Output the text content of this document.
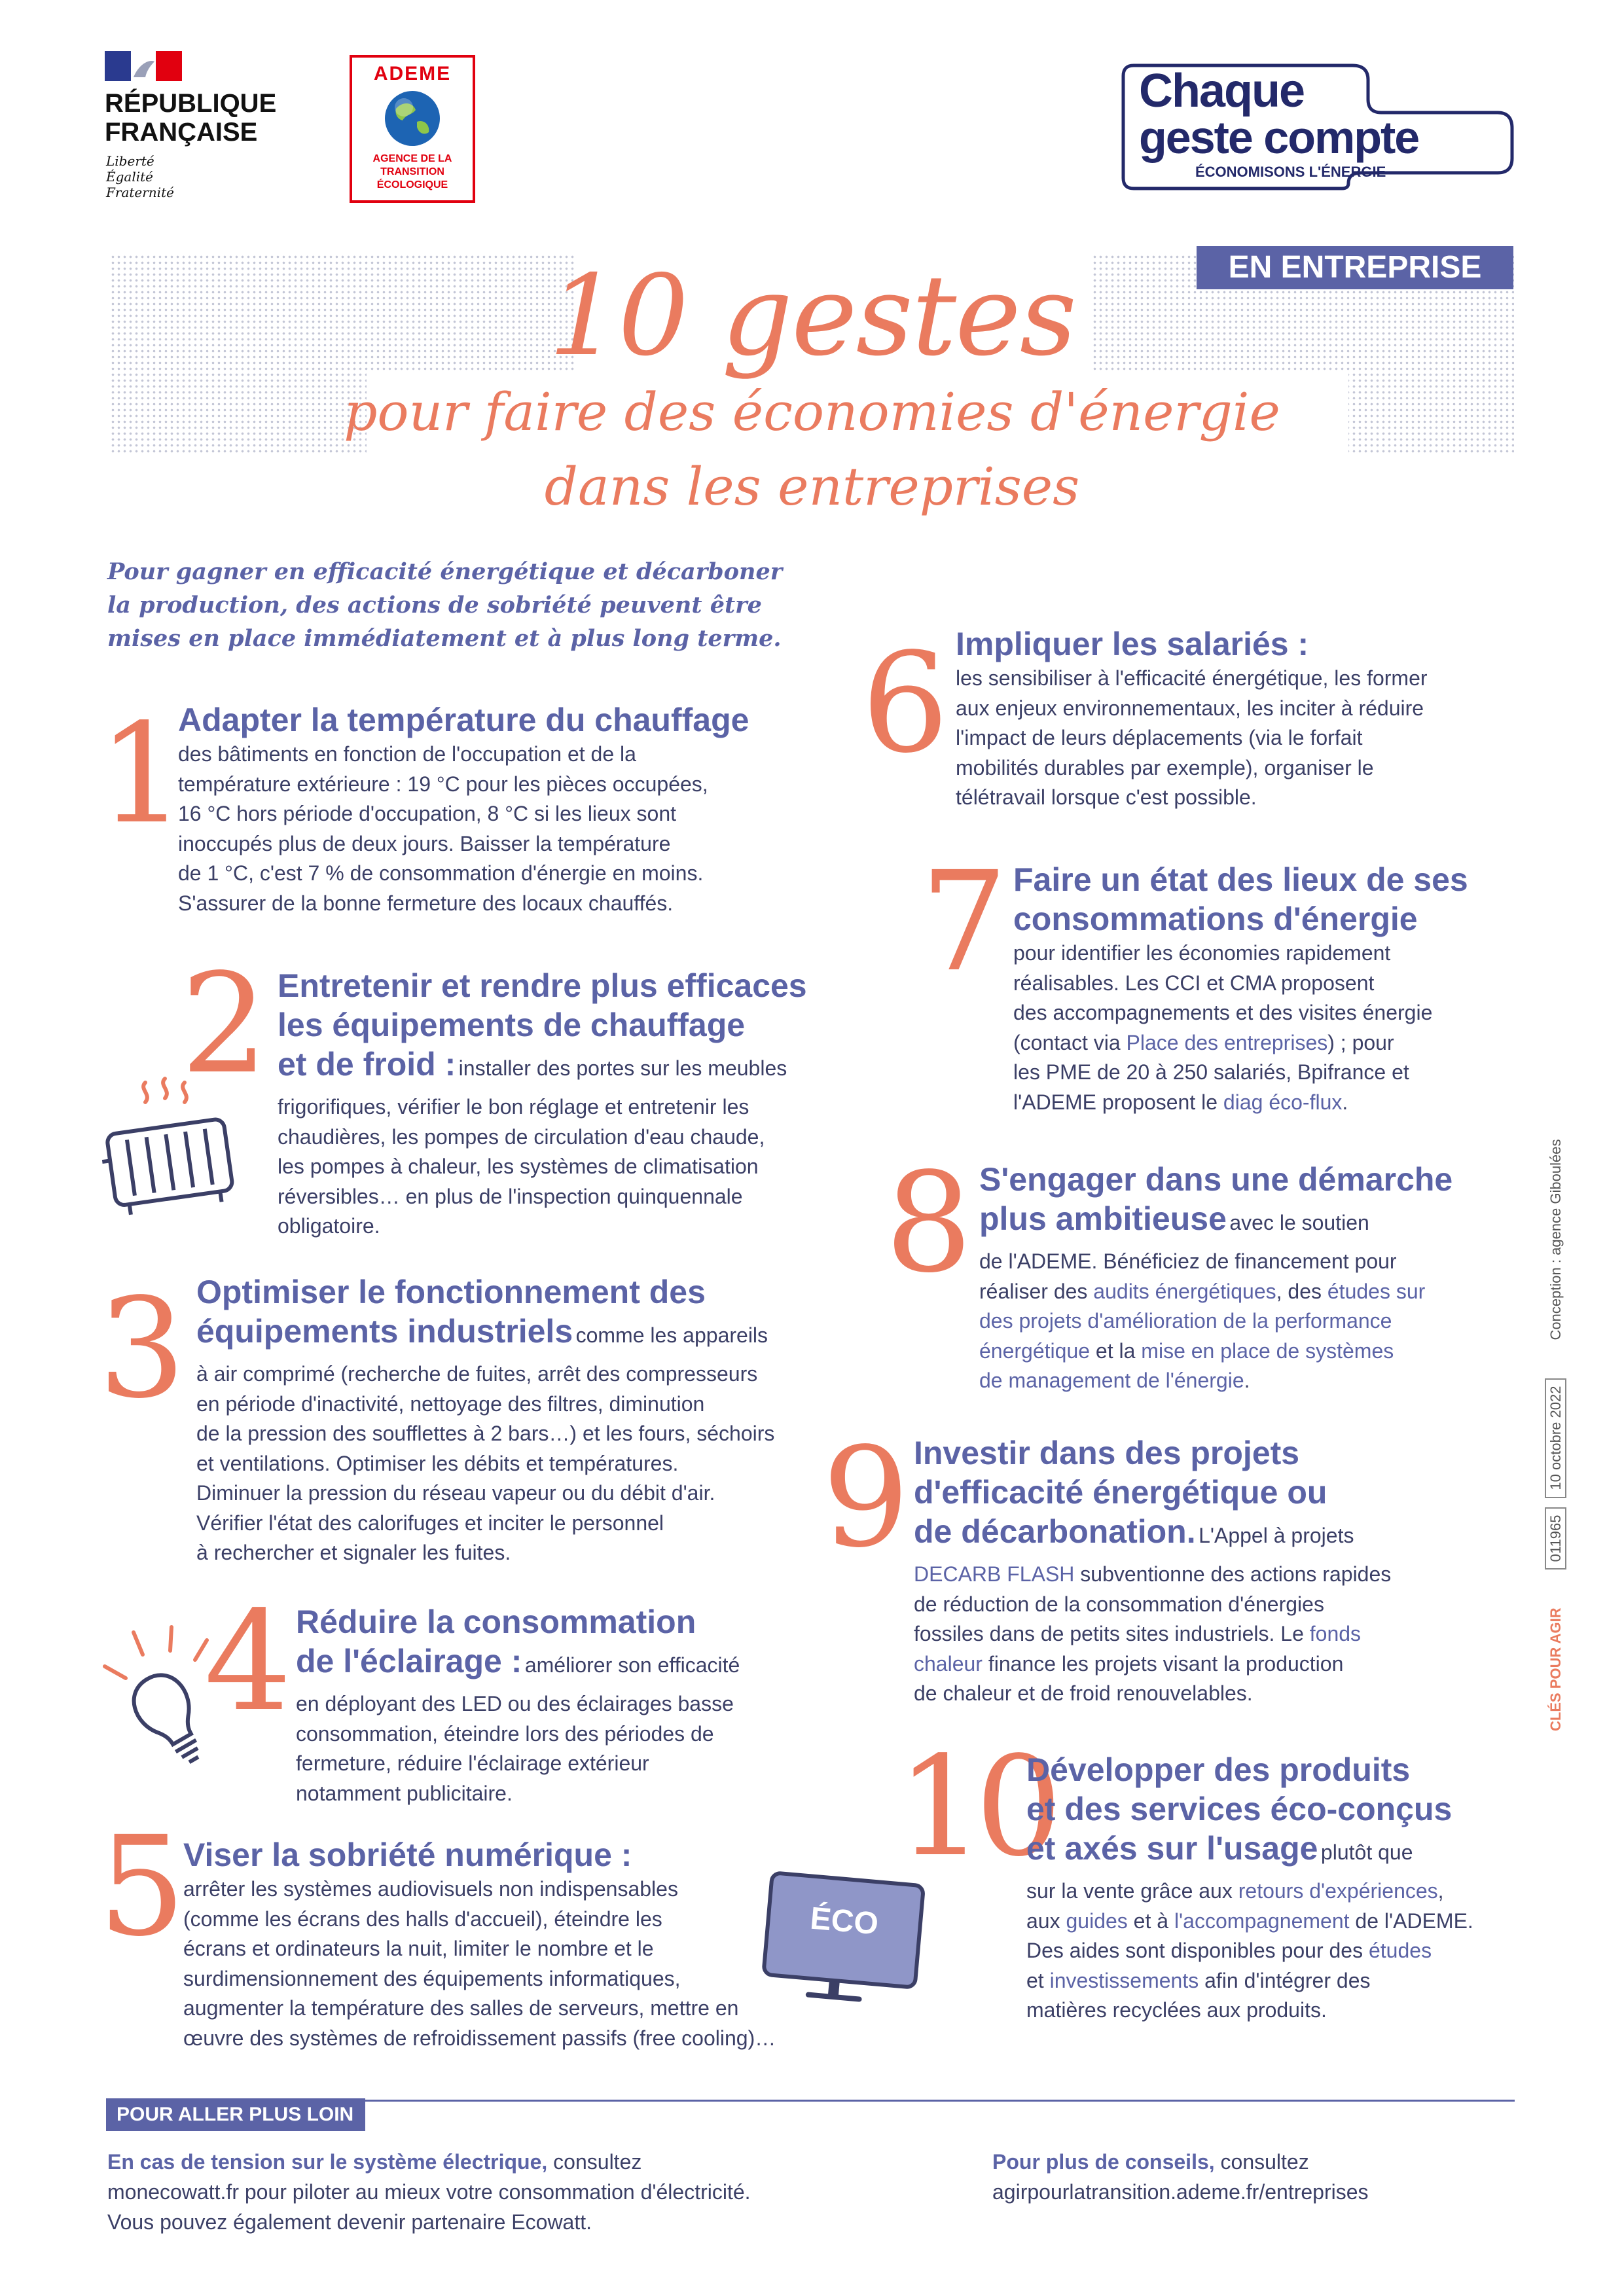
RÉPUBLIQUE
FRANÇAISE
Liberté
Égalité
Fraternité
ADEME
AGENCE DE LA
TRANSITION
ÉCOLOGIQUE
Chaque
geste compte
ÉCONOMISONS L'ÉNERGIE
EN ENTREPRISE
10 gestes
pour faire des économies d'énergie
dans les entreprises
Pour gagner en efficacité énergétique et décarboner
la production, des actions de sobriété peuvent être
mises en place immédiatement et à plus long terme.
1
Adapter la température du chauffage
des bâtiments en fonction de l'occupation et de la
température extérieure : 19 °C pour les pièces occupées,
16 °C hors période d'occupation, 8 °C si les lieux sont
inoccupés plus de deux jours. Baisser la température
de 1 °C, c'est 7 % de consommation d'énergie en moins.
S'assurer de la bonne fermeture des locaux chauffés.
2 Entretenir et rendre plus efficaces
les équipements de chauffage
et de froid : installer des portes sur les meubles
frigorifiques, vérifier le bon réglage et entretenir les
chaudières, les pompes de circulation d'eau chaude,
les pompes à chaleur, les systèmes de climatisation
réversibles… en plus de l'inspection quinquennale
obligatoire.
3 Optimiser le fonctionnement des
équipements industriels comme les appareils
à air comprimé (recherche de fuites, arrêt des compresseurs
en période d'inactivité, nettoyage des filtres, diminution
de la pression des soufflettes à 2 bars…) et les fours, séchoirs
et ventilations. Optimiser les débits et températures.
Diminuer la pression du réseau vapeur ou du débit d'air.
Vérifier l'état des calorifuges et inciter le personnel
à rechercher et signaler les fuites.
4 Réduire la consommation
de l'éclairage : améliorer son efficacité
en déployant des LED ou des éclairages basse
consommation, éteindre lors des périodes de
fermeture, réduire l'éclairage extérieur
notamment publicitaire.
5
Viser la sobriété numérique :
arrêter les systèmes audiovisuels non indispensables
(comme les écrans des halls d'accueil), éteindre les
écrans et ordinateurs la nuit, limiter le nombre et le
surdimensionnement des équipements informatiques,
augmenter la température des salles de serveurs, mettre en
œuvre des systèmes de refroidissement passifs (free cooling)…
ÉCO
6 Impliquer les salariés :
les sensibiliser à l'efficacité énergétique, les former
aux enjeux environnementaux, les inciter à réduire
l'impact de leurs déplacements (via le forfait
mobilités durables par exemple), organiser le
télétravail lorsque c'est possible.
7 Faire un état des lieux de ses
consommations d'énergie
pour identifier les économies rapidement
réalisables. Les CCI et CMA proposent
des accompagnements et des visites énergie
(contact via Place des entreprises) ; pour
les PME de 20 à 250 salariés, Bpifrance et
l'ADEME proposent le diag éco-flux.
8 S'engager dans une démarche
plus ambitieuse avec le soutien
de l'ADEME. Bénéficiez de financement pour
réaliser des audits énergétiques, des études sur
des projets d'amélioration de la performance
énergétique et la mise en place de systèmes
de management de l'énergie.
9 Investir dans des projets
d'efficacité énergétique ou
de décarbonation. L'Appel à projets
DECARB FLASH subventionne des actions rapides
de réduction de la consommation d'énergies
fossiles dans de petits sites industriels. Le fonds
chaleur finance les projets visant la production
de chaleur et de froid renouvelables.
10
Développer des produits
et des services éco-conçus
et axés sur l'usage plutôt que
sur la vente grâce aux retours d'expériences,
aux guides et à l'accompagnement de l'ADEME.
Des aides sont disponibles pour des études
et investissements afin d'intégrer des
matières recyclées aux produits.
CLÉS POUR AGIR01196510 octobre 2022Conception : agence Giboulées
POUR ALLER PLUS LOIN
En cas de tension sur le système électrique, consultez
monecowatt.fr pour piloter au mieux votre consommation d'électricité.
Vous pouvez également devenir partenaire Ecowatt.
Pour plus de conseils, consultez
agirpourlatransition.ademe.fr/entreprises
